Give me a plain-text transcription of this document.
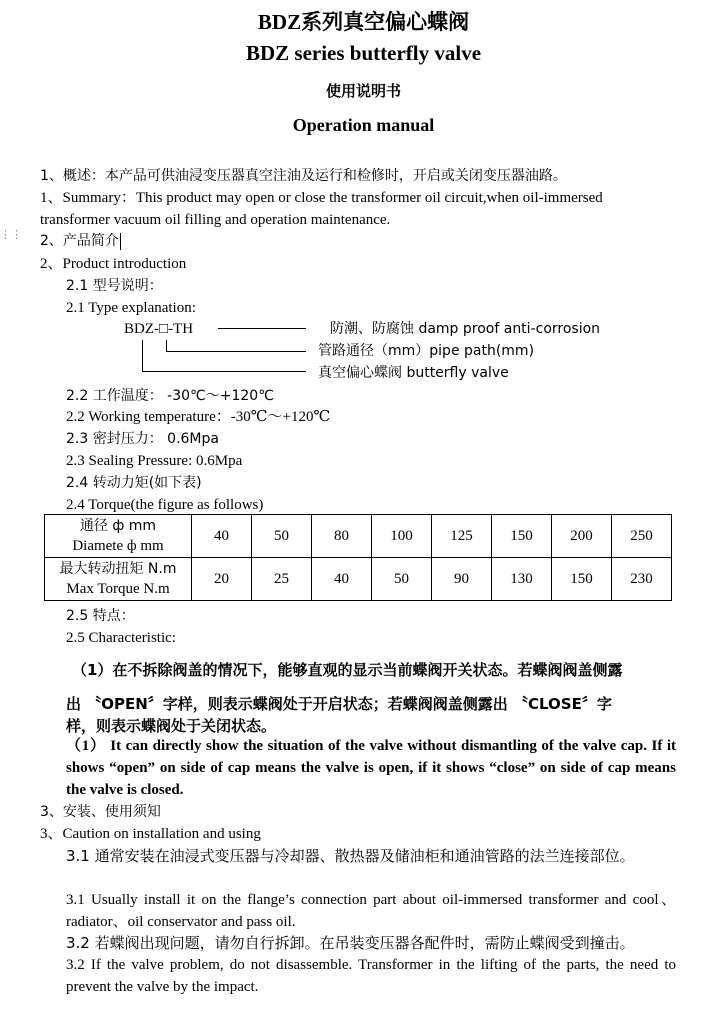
BDZ系列真空偏心蝶阀
BDZ series butterfly valve
使用说明书
Operation manual
1、概述：本产品可供油浸变压器真空注油及运行和检修时，开启或关闭变压器油路。
1、Summary：This product may open or close the transformer oil circuit,when oil-immersed
transformer vacuum oil filling and operation maintenance.
⋮⋮ 2、产品简介
2、Product introduction
2.1 型号说明：
2.1 Type explanation:
BDZ-□-TH	防潮、防腐蚀 damp proof anti-corrosion
管路通径（mm）pipe path(mm)
真空偏心蝶阀 butterfly valve
2.2 工作温度： -30℃～+120℃
2.2 Working temperature：-30℃～+120℃
2.3 密封压力： 0.6Mpa
2.3 Sealing Pressure: 0.6Mpa
2.4 转动力矩(如下表)
2.4 Torque(the figure as follows)
通径 ф mm
Diamete ф mm	40	50	80	100	125	150	200	250

最大转动扭矩 N.m
Max Torque N.m	20	25	40	50	90	130	150	230
2.5 特点：
2.5 Characteristic:
（1）在不拆除阀盖的情况下，能够直观的显示当前蝶阀开关状态。若蝶阀阀盖侧露
出 〝OPEN〞字样，则表示蝶阀处于开启状态；若蝶阀阀盖侧露出 〝CLOSE〞字
样，则表示蝶阀处于关闭状态。
（1） It can directly show the situation of the valve without dismantling of the valve cap. If it shows “open” on side of cap means the valve is open, if it shows “close” on side of cap means the valve is closed.
3、安装、使用须知
3、Caution on installation and using
3.1 通常安装在油浸式变压器与冷却器、散热器及储油柜和通油管路的法兰连接部位。
3.1 Usually install it on the flange’s connection part about oil-immersed transformer and cool、radiator、oil conservator and pass oil.
3.2 若蝶阀出现问题，请勿自行拆卸。在吊装变压器各配件时，需防止蝶阀受到撞击。
3.2 If the valve problem, do not disassemble. Transformer in the lifting of the parts, the need to prevent the valve by the impact.
